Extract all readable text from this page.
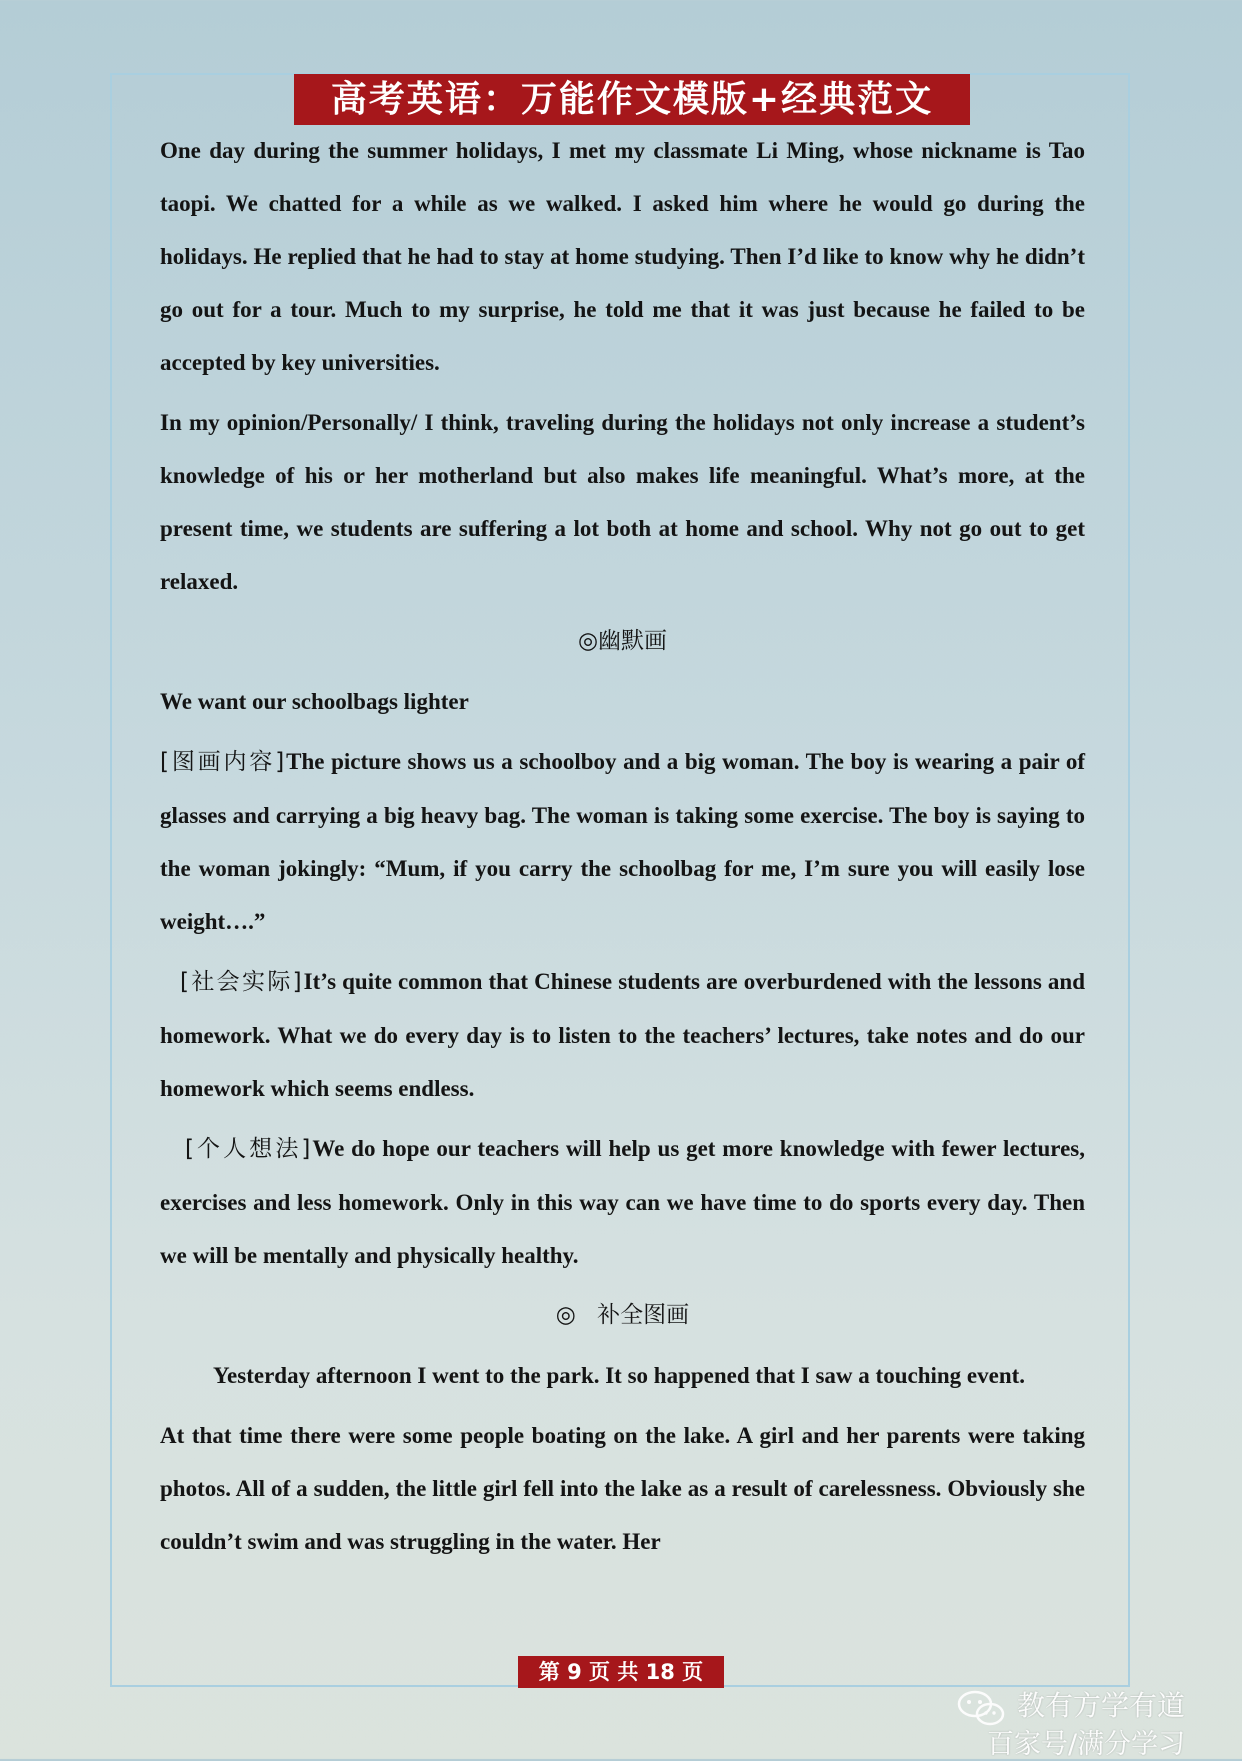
高考英语：万能作文模版+经典范文

One day during the summer holidays, I met my classmate Li Ming, whose nickname is Tao taopi. We chatted for a while as we walked. I asked him where he would go during the holidays. He replied that he had to stay at home studying. Then I’d like to know why he didn’t go out for a tour. Much to my surprise, he told me that it was just because he failed to be accepted by key universities.

In my opinion/Personally/ I think, traveling during the holidays not only increase a student’s knowledge of his or her motherland but also makes life meaningful. What’s more, at the present time, we students are suffering a lot both at home and school. Why not go out to get relaxed.

◎幽默画

We want our schoolbags lighter

[图画内容]The picture shows us a schoolboy and a big woman. The boy is wearing a pair of glasses and carrying a big heavy bag. The woman is taking some exercise. The boy is saying to the woman jokingly: “Mum, if you carry the schoolbag for me, I’m sure you will easily lose weight….”

[社会实际]It’s quite common that Chinese students are overburdened with the lessons and homework. What we do every day is to listen to the teachers’ lectures, take notes and do our homework which seems endless.

[个人想法]We do hope our teachers will help us get more knowledge with fewer lectures, exercises and less homework. Only in this way can we have time to do sports every day. Then we will be mentally and physically healthy.

◎ 补全图画

Yesterday afternoon I went to the park. It so happened that I saw a touching event.

At that time there were some people boating on the lake. A girl and her parents were taking photos. All of a sudden, the little girl fell into the lake as a result of carelessness. Obviously she couldn’t swim and was struggling in the water. Her

第 9 页 共 18 页
教有方学有道
百家号/满分学习
